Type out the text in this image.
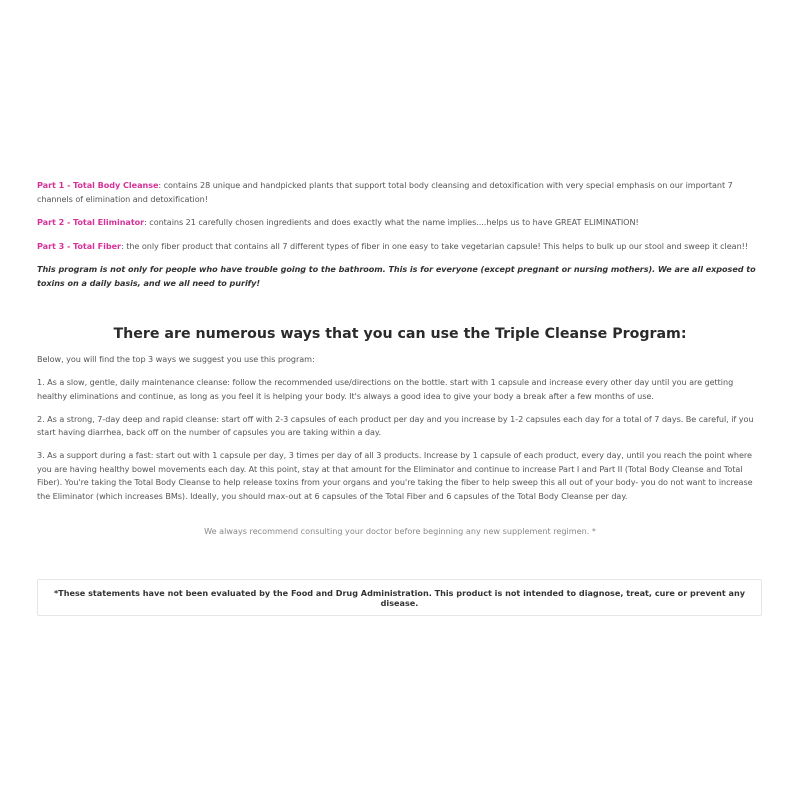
Part 1 - Total Body Cleanse: contains 28 unique and handpicked plants that support total body cleansing and detoxification with very special emphasis on our important 7 channels of elimination and detoxification!

Part 2 - Total Eliminator: contains 21 carefully chosen ingredients and does exactly what the name implies....helps us to have GREAT ELIMINATION!

Part 3 - Total Fiber: the only fiber product that contains all 7 different types of fiber in one easy to take vegetarian capsule! This helps to bulk up our stool and sweep it clean!!

This program is not only for people who have trouble going to the bathroom. This is for everyone (except pregnant or nursing mothers). We are all exposed to toxins on a daily basis, and we all need to purify!

There are numerous ways that you can use the Triple Cleanse Program:

Below, you will find the top 3 ways we suggest you use this program:

1. As a slow, gentle, daily maintenance cleanse: follow the recommended use/directions on the bottle. start with 1 capsule and increase every other day until you are getting healthy eliminations and continue, as long as you feel it is helping your body. It's always a good idea to give your body a break after a few months of use.

2. As a strong, 7-day deep and rapid cleanse: start off with 2-3 capsules of each product per day and you increase by 1-2 capsules each day for a total of 7 days. Be careful, if you start having diarrhea, back off on the number of capsules you are taking within a day.

3. As a support during a fast: start out with 1 capsule per day, 3 times per day of all 3 products. Increase by 1 capsule of each product, every day, until you reach the point where you are having healthy bowel movements each day. At this point, stay at that amount for the Eliminator and continue to increase Part I and Part II (Total Body Cleanse and Total Fiber). You're taking the Total Body Cleanse to help release toxins from your organs and you're taking the fiber to help sweep this all out of your body- you do not want to increase the Eliminator (which increases BMs). Ideally, you should max-out at 6 capsules of the Total Fiber and 6 capsules of the Total Body Cleanse per day.

We always recommend consulting your doctor before beginning any new supplement regimen. *
*These statements have not been evaluated by the Food and Drug Administration. This product is not intended to diagnose, treat, cure or prevent any disease.
